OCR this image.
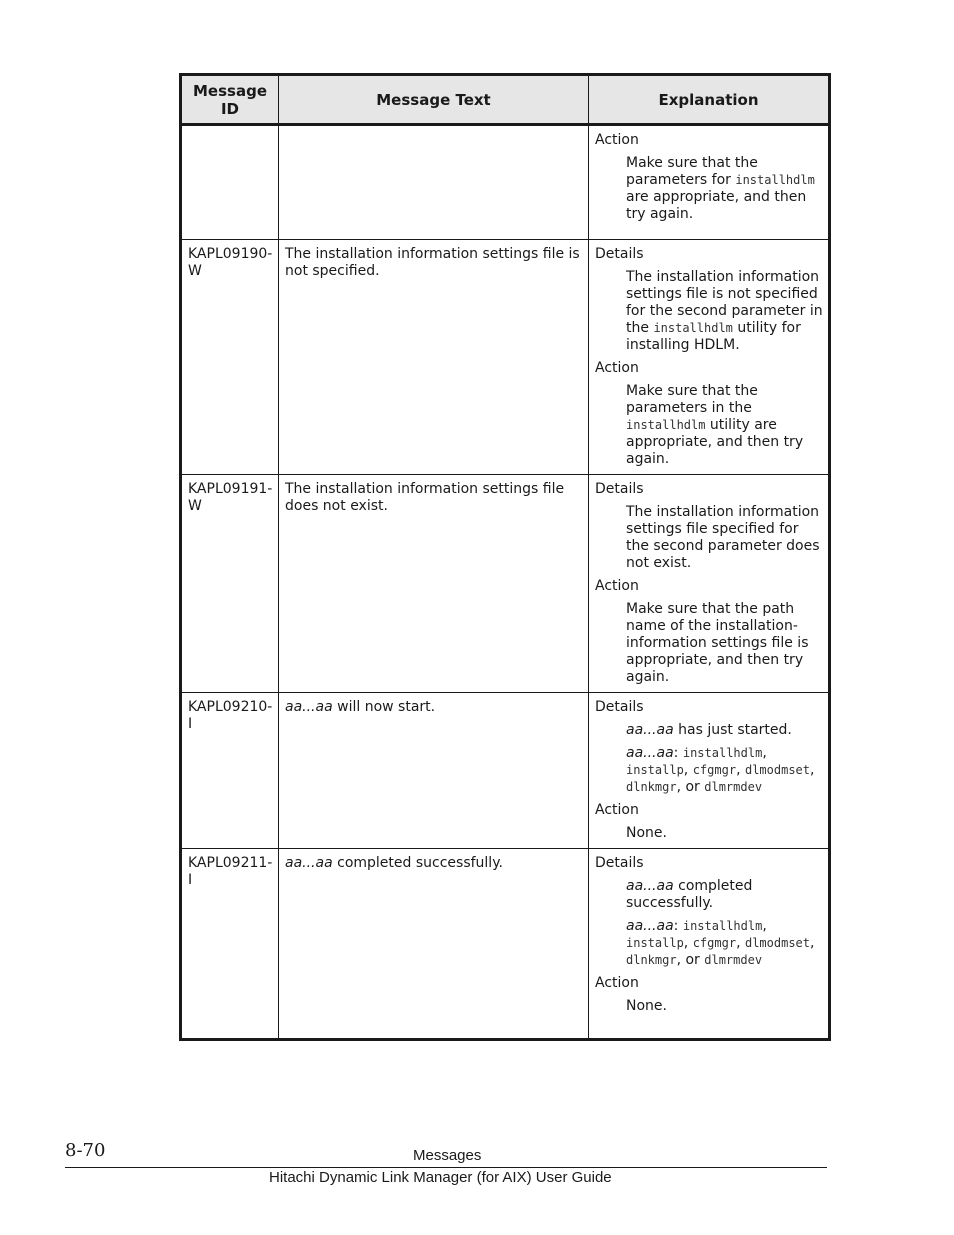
Message ID	Message Text	Explanation

		Action
Make sure that the parameters for installhdlm are appropriate, and then try again.

KAPL09190-W	The installation information settings file is not specified.	Details
The installation information settings file is not specified for the second parameter in the installhdlm utility for installing HDLM.
Action
Make sure that the parameters in the installhdlm utility are appropriate, and then try again.

KAPL09191-W	The installation information settings file does not exist.	Details
The installation information settings file specified for the second parameter does not exist.
Action
Make sure that the path name of the installation-information settings file is appropriate, and then try again.

KAPL09210-I	aa...aa will now start.	Details
aa...aa has just started.
aa...aa: installhdlm, installp, cfgmgr, dlmodmset, dlnkmgr, or dlmrmdev
Action
None.

KAPL09211-I	aa...aa completed successfully.	Details
aa...aa completed successfully.
aa...aa: installhdlm, installp, cfgmgr, dlmodmset, dlnkmgr, or dlmrmdev
Action
None.
8-70	Messages
Hitachi Dynamic Link Manager (for AIX) User Guide
